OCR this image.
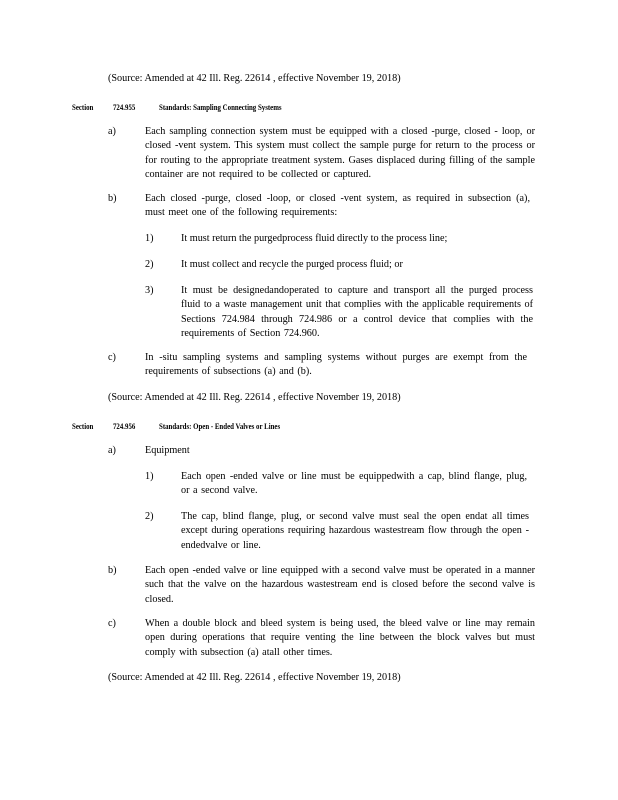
(Source: Amended at 42 Ill. Reg. 22614 , effective November 19, 2018)
Section 724.955	Standards: Sampling Connecting Systems
a)	Each sampling connection system must be equipped with a closed -purge, closed - loop, or closed -vent system. This system must collect the sample purge for return to the process or for routing to the appropriate treatment system. Gases displaced during filling of the sample container are not required to be collected or captured.
b)	Each closed -purge, closed -loop, or closed -vent system, as required in subsection (a), must meet one of the following requirements:
1)	It must return the purgedprocess fluid directly to the process line;
2)	It must collect and recycle the purged process fluid; or
3)	It must be designedandoperated to capture and transport all the purged process fluid to a waste management unit that complies with the applicable requirements of Sections 724.984 through 724.986 or a control device that complies with the requirements of Section 724.960.
c)	In -situ sampling systems and sampling systems without purges are exempt from the requirements of subsections (a) and (b).
(Source: Amended at 42 Ill. Reg. 22614 , effective November 19, 2018)
Section 724.956	Standards: Open - Ended Valves or Lines
a)	Equipment
1)	Each open -ended valve or line must be equippedwith a cap, blind flange, plug, or a second valve.
2)	The cap, blind flange, plug, or second valve must seal the open endat all times except during operations requiring hazardous wastestream flow through the open -endedvalve or line.
b)	Each open -ended valve or line equipped with a second valve must be operated in a manner such that the valve on the hazardous wastestream end is closed before the second valve is closed.
c)	When a double block and bleed system is being used, the bleed valve or line may remain open during operations that require venting the line between the block valves but must comply with subsection (a) atall other times.
(Source: Amended at 42 Ill. Reg. 22614 , effective November 19, 2018)
